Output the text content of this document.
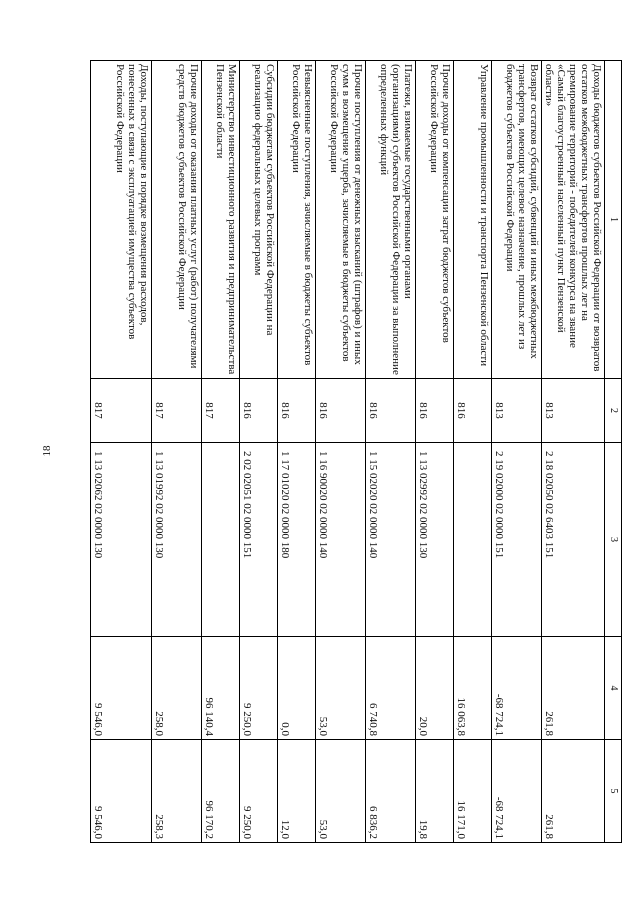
18
1	2	3	4	5
Доходы бюджетов субъектов Российской Федерации от возвратов остатков межбюджетных трансфертов прошлых лет на премирование территорий - победителей конкурса на звание «Самый благоустроенный населенный пункт Пензенской области»	813	2 18 02050 02 6403 151	261,8	261,8
Возврат остатков субсидий, субвенций и иных межбюджетных трансфертов, имеющих целевое назначение, прошлых лет из бюджетов субъектов Российской Федерации	813	2 19 02000 02 0000 151	-68 724,1	-68 724,1
Управление промышленности и транспорта Пензенской области	816		16 063,8	16 171,0
Прочие доходы от компенсации затрат бюджетов субъектов Российской Федерации	816	1 13 02992 02 0000 130	20,0	19,8
Платежи, взимаемые государственными органами (организациями) субъектов Российской Федерации за выполнение определенных функций	816	1 15 02020 02 0000 140	6 740,8	6 836,2
Прочие поступления от денежных взысканий (штрафов) и иных сумм в возмещение ущерба, зачисляемые в бюджеты субъектов Российской Федерации	816	1 16 90020 02 0000 140	53,0	53,0
Невыясненные поступления, зачисляемые в бюджеты субъектов Российской Федерации	816	1 17 01020 02 0000 180	0,0	12,0
Субсидии бюджетам субъектов Российской Федерации на реализацию федеральных целевых программ	816	2 02 02051 02 0000 151	9 250,0	9 250,0
Министерство инвестиционного развития и предпринимательства Пензенской области	817		96 140,4	96 170,2
Прочие доходы от оказания платных услуг (работ) получателями средств бюджетов субъектов Российской Федерации	817	1 13 01992 02 0000 130	258,0	258,3
Доходы, поступающие в порядке возмещения расходов, понесенных в связи с эксплуатацией имущества субъектов Российской Федерации	817	1 13 02062 02 0000 130	9 546,0	9 546,0
